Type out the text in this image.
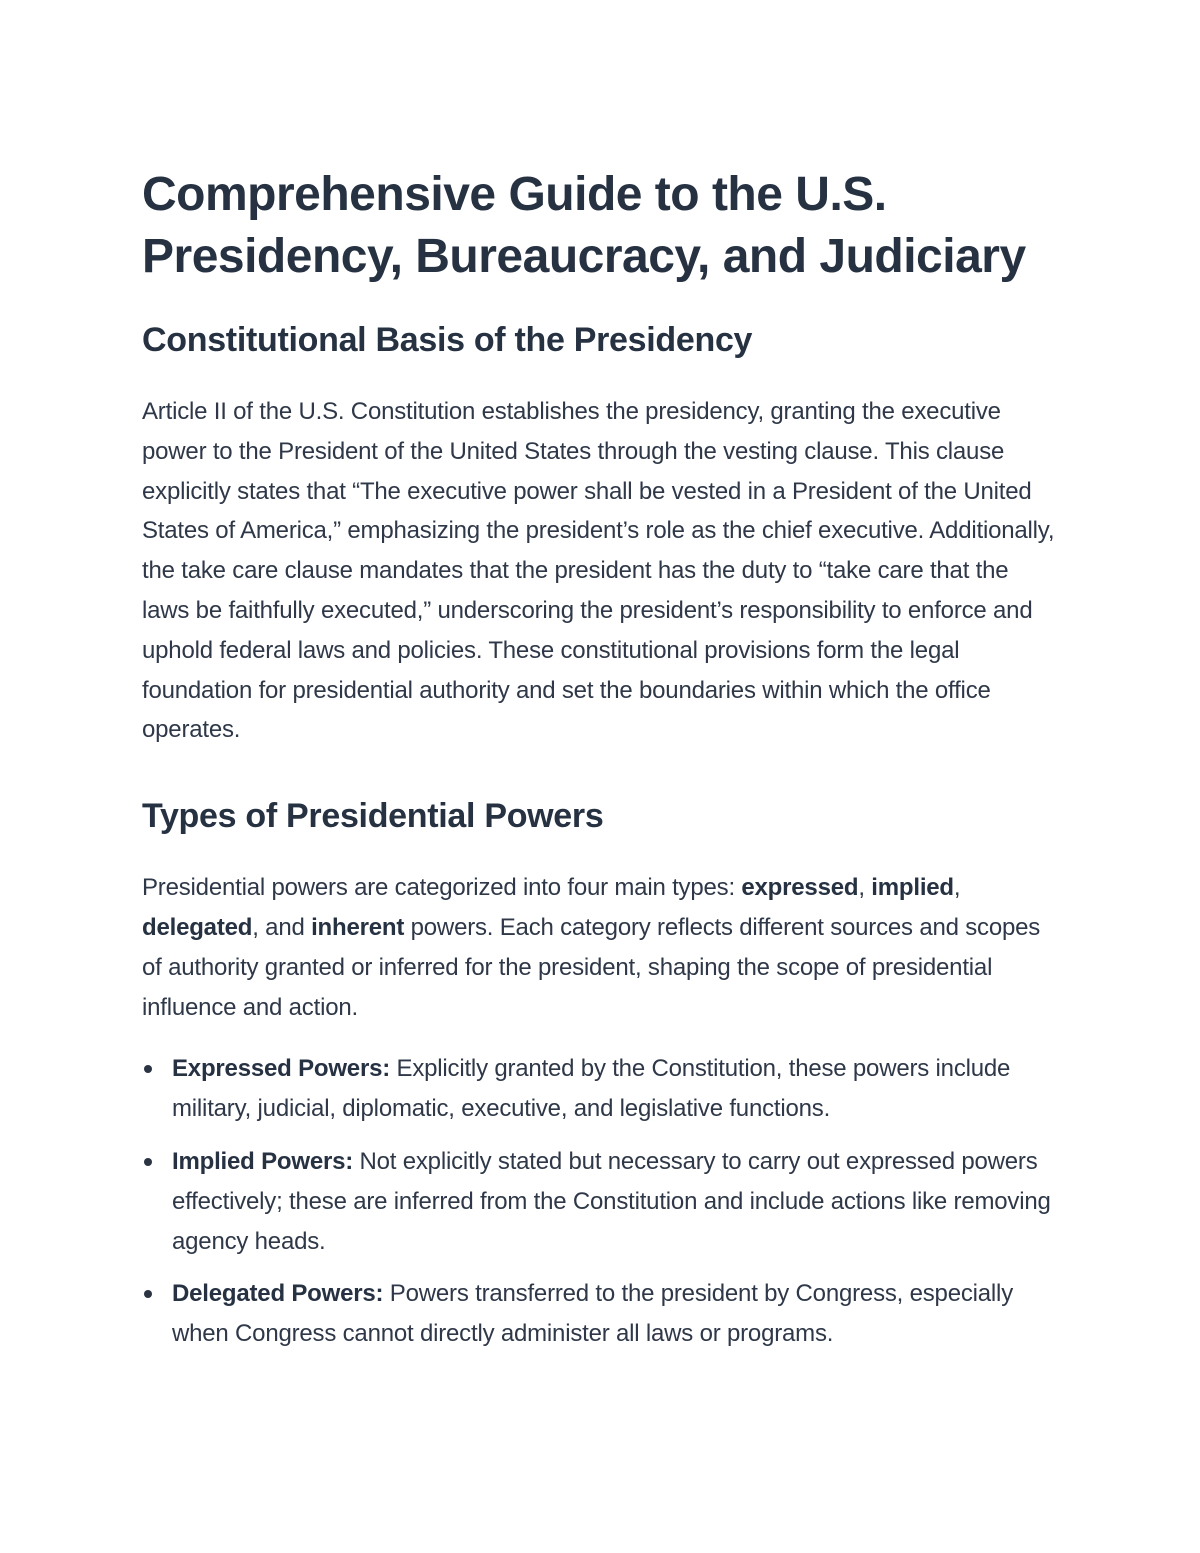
Comprehensive Guide to the U.S. Presidency, Bureaucracy, and Judiciary
Constitutional Basis of the Presidency

Article II of the U.S. Constitution establishes the presidency, granting the executive power to the President of the United States through the vesting clause. This clause explicitly states that “The executive power shall be vested in a President of the United States of America,” emphasizing the president’s role as the chief executive. Additionally, the take care clause mandates that the president has the duty to “take care that the laws be faithfully executed,” underscoring the president’s responsibility to enforce and uphold federal laws and policies. These constitutional provisions form the legal foundation for presidential authority and set the boundaries within which the office operates.

Types of Presidential Powers

Presidential powers are categorized into four main types: expressed, implied, delegated, and inherent powers. Each category reflects different sources and scopes of authority granted or inferred for the president, shaping the scope of presidential influence and action.

Expressed Powers: Explicitly granted by the Constitution, these powers include military, judicial, diplomatic, executive, and legislative functions.
Implied Powers: Not explicitly stated but necessary to carry out expressed powers effectively; these are inferred from the Constitution and include actions like removing agency heads.
Delegated Powers: Powers transferred to the president by Congress, especially when Congress cannot directly administer all laws or programs.
